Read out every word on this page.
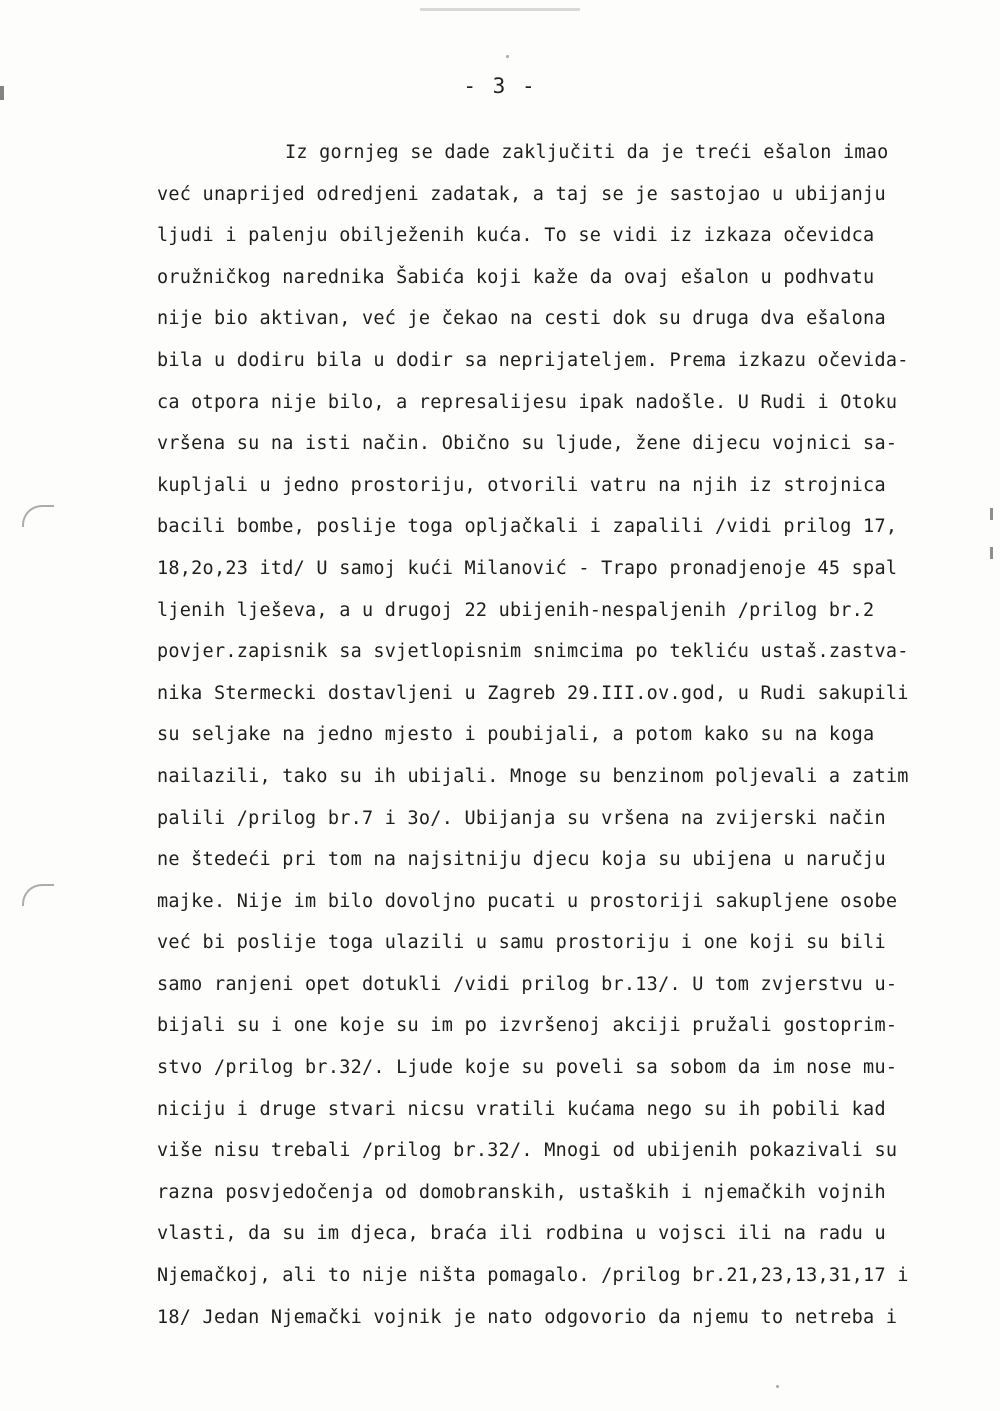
- 3 -
Iz gornjeg se dade zaključiti da je treći ešalon imao
već unaprijed odredjeni zadatak, a taj se je sastojao u ubijanju
ljudi i palenju obilježenih kuća. To se vidi iz izkaza očevidca
oružničkog narednika Šabića koji kaže da ovaj ešalon u podhvatu
nije bio aktivan, već je čekao na cesti dok su druga dva ešalona
bila u dodiru bila u dodir sa neprijateljem. Prema izkazu očevida-
ca otpora nije bilo, a represalijesu ipak nadošle. U Rudi i Otoku
vršena su na isti način. Obično su ljude, žene dijecu vojnici sa-
kupljali u jedno prostoriju, otvorili vatru na njih iz strojnica
bacili bombe, poslije toga opljačkali i zapalili /vidi prilog 17,
18,2o,23 itd/ U samoj kući Milanović - Trapo pronadjenoje 45 spal
ljenih lješeva, a u drugoj 22 ubijenih-nespaljenih /prilog br.2
povjer.zapisnik sa svjetlopisnim snimcima po tekliću ustaš.zastva-
nika Stermecki dostavljeni u Zagreb 29.III.ov.god, u Rudi sakupili
su seljake na jedno mjesto i poubijali, a potom kako su na koga
nailazili, tako su ih ubijali. Mnoge su benzinom poljevali a zatim
palili /prilog br.7 i 3o/. Ubijanja su vršena na zvijerski način
ne štedeći pri tom na najsitniju djecu koja su ubijena u naručju
majke. Nije im bilo dovoljno pucati u prostoriji sakupljene osobe
već bi poslije toga ulazili u samu prostoriju i one koji su bili
samo ranjeni opet dotukli /vidi prilog br.13/. U tom zvjerstvu u-
bijali su i one koje su im po izvršenoj akciji pružali gostoprim-
stvo /prilog br.32/. Ljude koje su poveli sa sobom da im nose mu-
niciju i druge stvari nicsu vratili kućama nego su ih pobili kad
više nisu trebali /prilog br.32/. Mnogi od ubijenih pokazivali su
razna posvjedočenja od domobranskih, ustaških i njemačkih vojnih
vlasti, da su im djeca, braća ili rodbina u vojsci ili na radu u
Njemačkoj, ali to nije ništa pomagalo. /prilog br.21,23,13,31,17 i
18/ Jedan Njemački vojnik je nato odgovorio da njemu to netreba i
